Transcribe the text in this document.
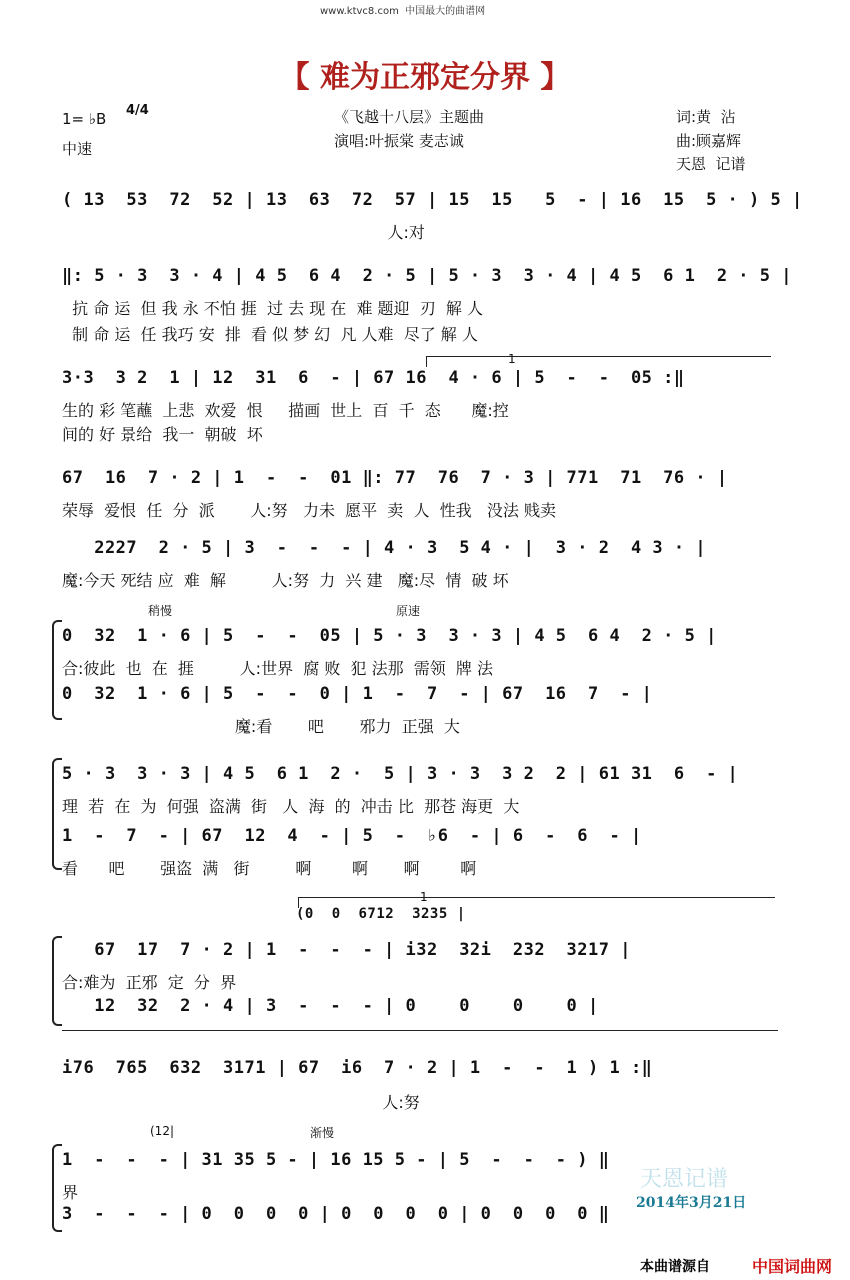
www.ktvc8.com  中国最大的曲谱网
【 难为正邪定分界 】
1= ♭B 4/4
中速
《飞越十八层》主题曲
演唱:叶振棠 麦志诚
词:黄  沾
曲:顾嘉辉
天恩  记谱
( 13  53  72  52 | 13  63  72  57 | 15  15   5  - | 16  15  5 · ) 5 |
人:对
‖: 5 · 3  3 · 4 | 4 5  6 4  2 · 5 | 5 · 3  3 · 4 | 4 5  6 1  2 · 5 |
抗 命 运  但 我 永 不怕 捱  过 去 现 在  难 题迎  刃  解 人
制 命 运  任 我巧 安  排  看 似 梦 幻  凡 人难  尽了 解 人
1
3·3  3 2  1 | 12  31  6  - | 67 16  4 · 6 | 5  -  -  05 :‖
生的 彩 笔蘸  上悲  欢爱  恨     描画  世上  百  千  态      魔:控
间的 好 景给  我一  朝破  坏
67  16  7 · 2 | 1  -  -  01 ‖: 77  76  7 · 3 | 771  71  76 · |
荣辱  爱恨  任  分  派       人:努   力未  愿平  卖  人  性我   没法 贱卖
2227  2 · 5 | 3  -  -  - | 4 · 3  5 4 · |  3 · 2  4 3 · |
魔:今天 死结 应  难  解         人:努  力  兴 建   魔:尽  情  破 坏
稍慢	原速
0  32  1 · 6 | 5  -  -  05 | 5 · 3  3 · 3 | 4 5  6 4  2 · 5 |
合:彼此  也  在  捱         人:世界  腐 败  犯 法那  需领  牌 法
0  32  1 · 6 | 5  -  -  0 | 1  -  7  - | 67  16  7  - |
魔:看       吧       邪力  正强  大
5 · 3  3 · 3 | 4 5  6 1  2 ·  5 | 3 · 3  3 2  2 | 61 31  6  - |
理  若  在  为  何强  盗满  街   人  海  的  冲击 比  那苍 海更  大
1  -  7  - | 67  12  4  - | 5  -  ♭6  - | 6  -  6  - |
看      吧       强盗  满   街         啊        啊       啊        啊
1
(0  0  6712  3235 |
67  17  7 · 2 | 1  -  -  - | i32  32i  232  3217 |
合:难为  正邪  定  分  界
12  32  2 · 4 | 3  -  -  - | 0    0    0    0 |
i76  765  632  3171 | 67  i6  7 · 2 | 1  -  -  1 ) 1 :‖
人:努
(12|	渐慢
1  -  -  - | 31 35 5 - | 16 15 5 - | 5  -  -  - ) ‖
界
3  -  -  - | 0  0  0  0 | 0  0  0  0 | 0  0  0  0 ‖
天恩记谱
2014年3月21日
本曲谱源自	中国词曲网
